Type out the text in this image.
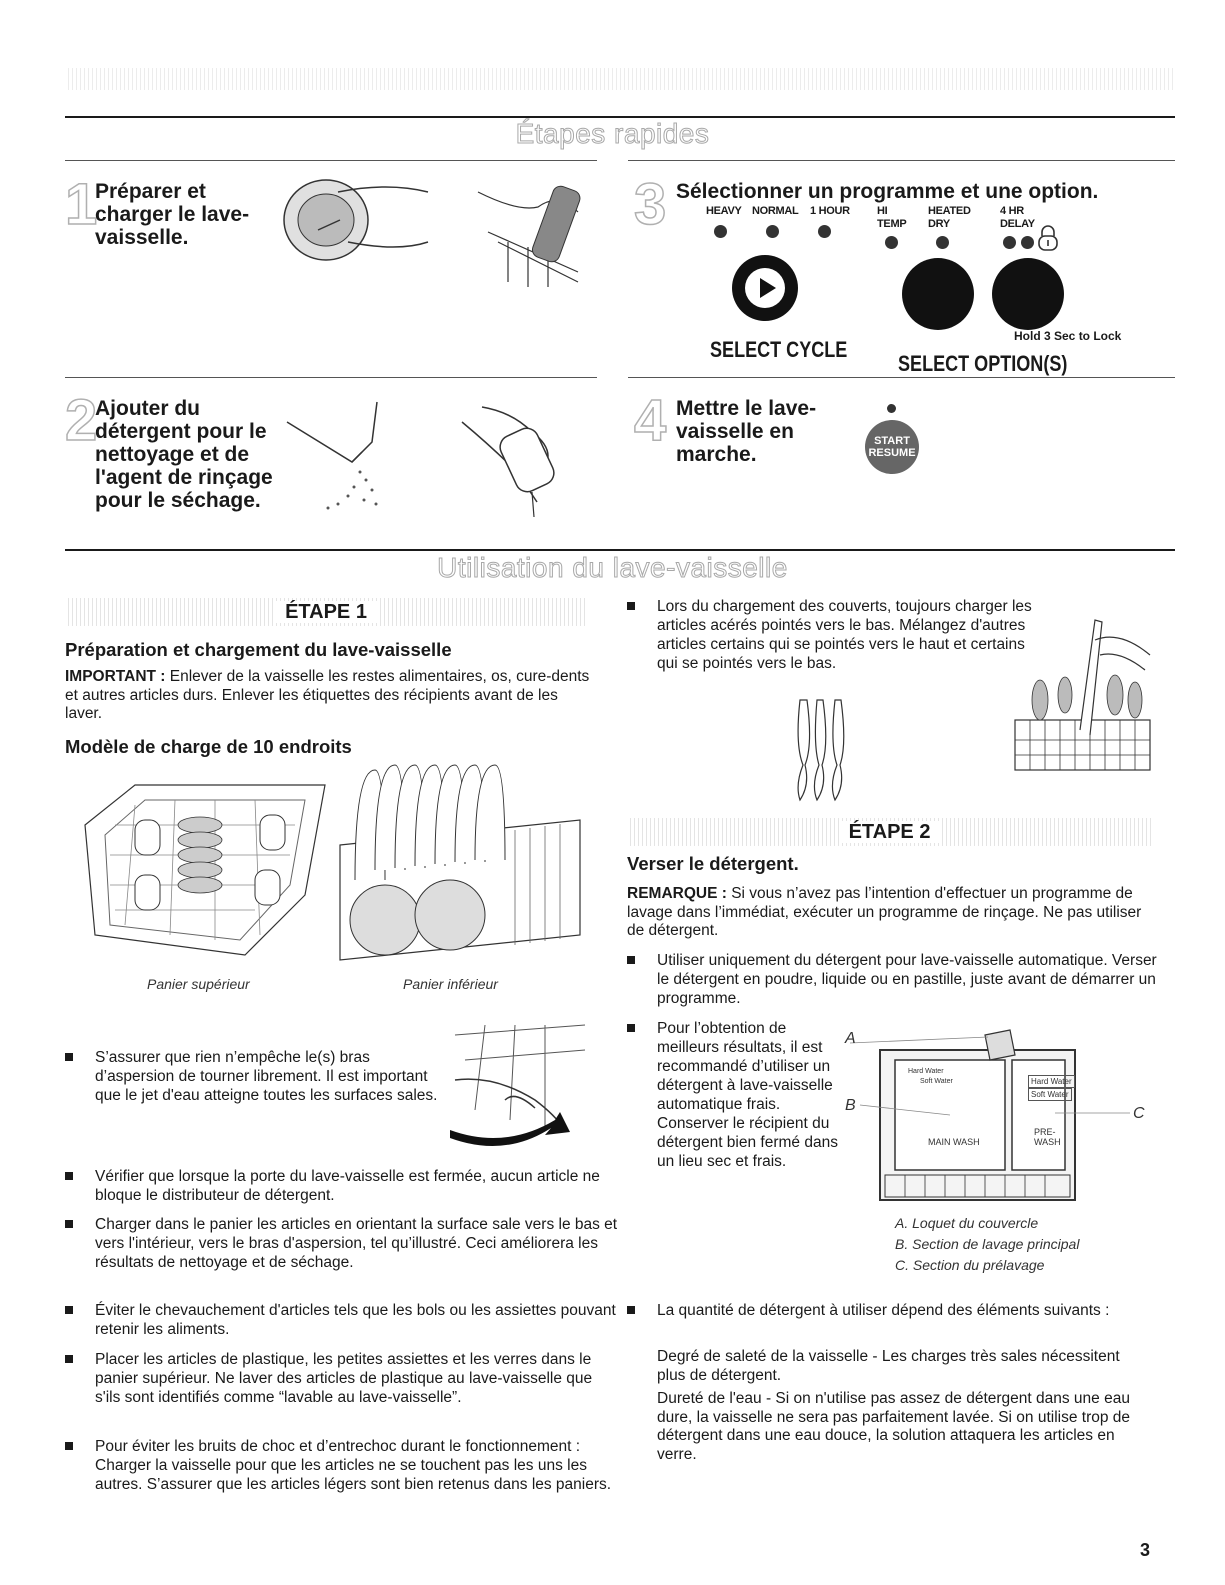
Étapes rapides
1
Préparer et charger le lave-vaisselle.
3 Sélectionner un programme et une option.
HEAVY NORMAL 1 HOUR HI TEMP
HEATED DRY
4 HR DELAY
Hold 3 Sec to Lock
SELECT CYCLE
SELECT OPTION(S)
2
Ajouter du détergent pour le nettoyage et de l'agent de rinçage pour le séchage.
4 Mettre le lave-vaisselle en marche.
START
RESUME
Utilisation du lave-vaisselle
ÉTAPE 1
Préparation et chargement du lave-vaisselle
IMPORTANT : Enlever de la vaisselle les restes alimentaires, os, cure-dents et autres articles durs. Enlever les étiquettes des récipients avant de les laver.
Modèle de charge de 10 endroits
Panier supérieur	Panier inférieur
S’assurer que rien n’empêche le(s) bras d’aspersion de tourner librement. Il est important que le jet d'eau atteigne toutes les surfaces sales.
Vérifier que lorsque la porte du lave-vaisselle est fermée, aucun article ne bloque le distributeur de détergent.
Charger dans le panier les articles en orientant la surface sale vers le bas et vers l'intérieur, vers le bras d'aspersion, tel qu’illustré. Ceci améliorera les résultats de nettoyage et de séchage.
Éviter le chevauchement d'articles tels que les bols ou les assiettes pouvant retenir les aliments.
Placer les articles de plastique, les petites assiettes et les verres dans le panier supérieur. Ne laver des articles de plastique au lave-vaisselle que s'ils sont identifiés comme “lavable au lave-vaisselle”.
Pour éviter les bruits de choc et d’entrechoc durant le fonctionnement : Charger la vaisselle pour que les articles ne se touchent pas les uns les autres. S’assurer que les articles légers sont bien retenus dans les paniers.
Lors du chargement des couverts, toujours charger les articles acérés pointés vers le bas. Mélangez d'autres articles certains qui se pointés vers le haut et certains qui se pointés vers le bas.
ÉTAPE 2
Verser le détergent.
REMARQUE : Si vous n’avez pas l’intention d'effectuer un programme de lavage dans l’immédiat, exécuter un programme de rinçage. Ne pas utiliser de détergent.
Utiliser uniquement du détergent pour lave-vaisselle automatique. Verser le détergent en poudre, liquide ou en pastille, juste avant de démarrer un programme.
Pour l’obtention de meilleurs résultats, il est recommandé d’utiliser un détergent à lave-vaisselle automatique frais. Conserver le récipient du détergent bien fermé dans un lieu sec et frais.
A
B	C
Hard Water
Soft Water	Hard Water
Soft Water
MAIN WASH
PRE-WASH
A. Loquet du couvercle
B. Section de lavage principal
C. Section du prélavage
La quantité de détergent à utiliser dépend des éléments suivants :
Degré de saleté de la vaisselle - Les charges très sales nécessitent plus de détergent.
Dureté de l'eau - Si on n'utilise pas assez de détergent dans une eau dure, la vaisselle ne sera pas parfaitement lavée. Si on utilise trop de détergent dans une eau douce, la solution attaquera les articles en verre.
3
